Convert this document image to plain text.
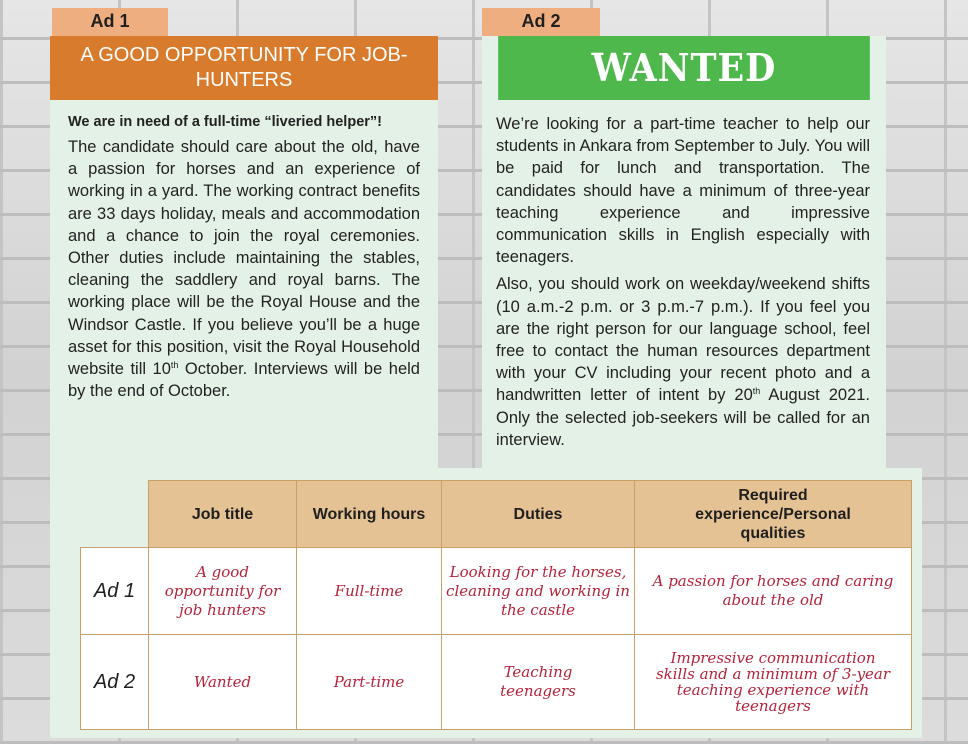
Ad 1
A GOOD OPPORTUNITY FOR JOB-HUNTERS
We are in need of a full-time “liveried helper”!

The candidate should care about the old, have a passion for horses and an experience of working in a yard. The working contract benefits are 33 days holiday, meals and accommodation and a chance to join the royal ceremonies. Other duties include maintaining the stables, cleaning the saddlery and royal barns. The working place will be the Royal House and the Windsor Castle. If you believe you’ll be a huge asset for this position, visit the Royal Household website till 10th October. Interviews will be held by the end of October.

Ad 2
WANTED

We’re looking for a part-time teacher to help our students in Ankara from September to July. You will be paid for lunch and transportation. The candidates should have a minimum of three-year teaching experience and impressive communication skills in English especially with teenagers.

Also, you should work on weekday/weekend shifts (10 a.m.-2 p.m. or 3 p.m.-7 p.m.). If you feel you are the right person for our language school, feel free to contact the human resources department with your CV including your recent photo and a handwritten letter of intent by 20th August 2021. Only the selected job-seekers will be called for an interview.

	Job title	Working hours	Duties	Required experience/Personal qualities
Ad 1	A good opportunity for job hunters	Full-time	Looking for the horses, cleaning and working in the castle	A passion for horses and caring about the old
Ad 2	Wanted	Part-time	Teaching teenagers	Impressive communication skills and a minimum of 3-year teaching experience with teenagers
